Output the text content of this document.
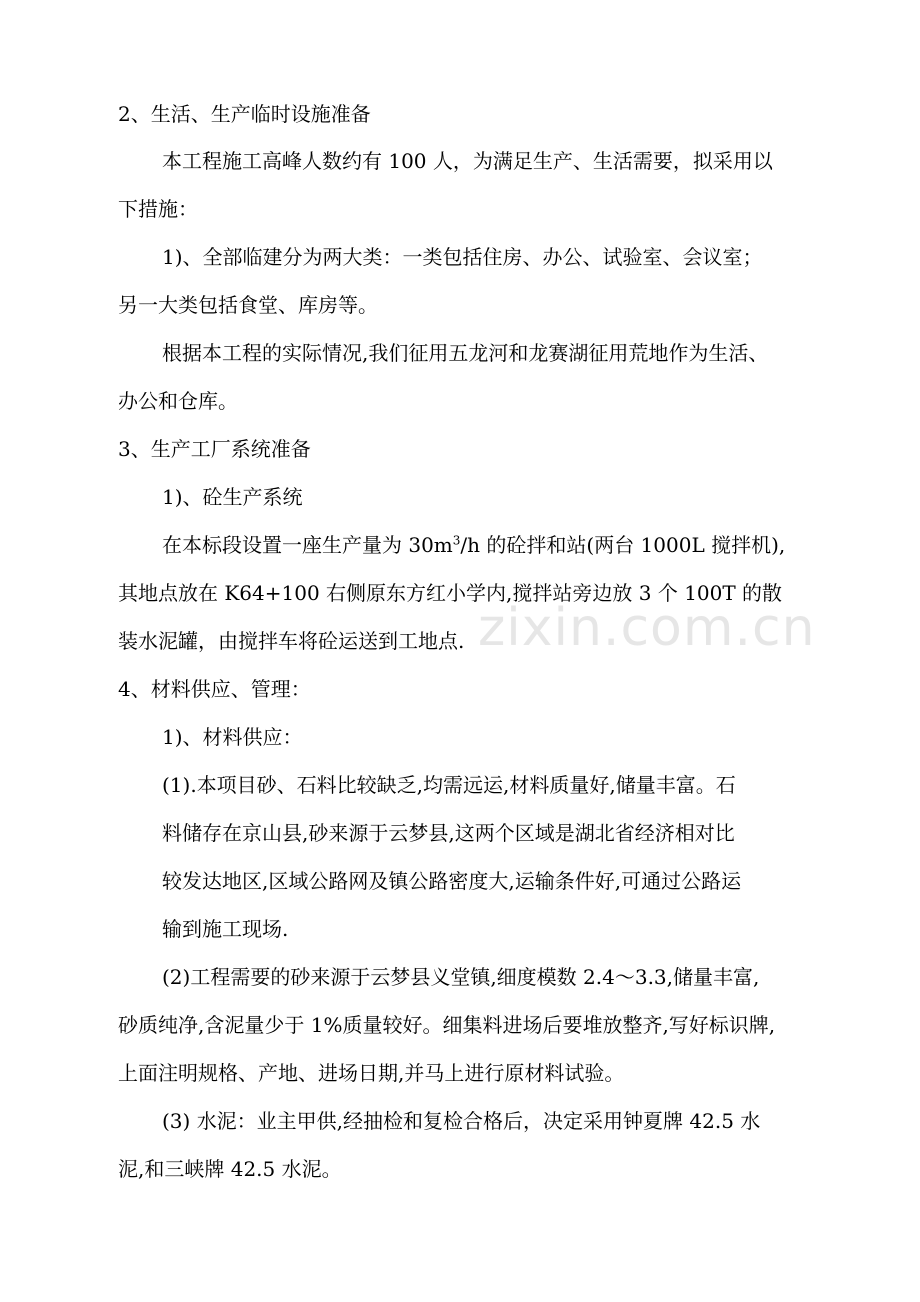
zixin.com.cn
2、生活、生产临时设施准备
本工程施工高峰人数约有 100 人，为满足生产、生活需要，拟采用以
下措施：
1)、全部临建分为两大类：一类包括住房、办公、试验室、会议室；
另一大类包括食堂、库房等。
根据本工程的实际情况,我们征用五龙河和龙赛湖征用荒地作为生活、
办公和仓库。
3、生产工厂系统准备
1)、砼生产系统
在本标段设置一座生产量为 $30m^3/h$ 的砼拌和站(两台 1000L 搅拌机),
其地点放在 K64+100 右侧原东方红小学内,搅拌站旁边放 3 个 100T 的散
装水泥罐，由搅拌车将砼运送到工地点.
4、材料供应、管理：
1)、材料供应：
(1).本项目砂、石料比较缺乏,均需远运,材料质量好,储量丰富。石
料储存在京山县,砂来源于云梦县,这两个区域是湖北省经济相对比
较发达地区,区域公路网及镇公路密度大,运输条件好,可通过公路运
输到施工现场.
(2)工程需要的砂来源于云梦县义堂镇,细度模数 2.4～3.3,储量丰富,
砂质纯净,含泥量少于 1%质量较好。细集料进场后要堆放整齐,写好标识牌,
上面注明规格、产地、进场日期,并马上进行原材料试验。
(3) 水泥：业主甲供,经抽检和复检合格后，决定采用钟夏牌 42.5 水
泥,和三峡牌 42.5 水泥。
